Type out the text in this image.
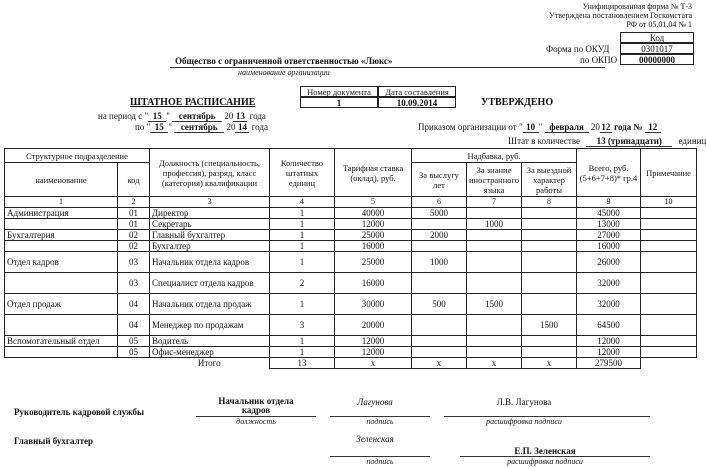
Унифицированная форма № Т-3
Утверждена постановлением Госкомстата
РФ от 05.01.04 № 1
Код
0301017
00000000
Форма по ОКУД
по ОКПО
Общество с ограниченной ответственностью «Люкс»
наименование организации
Номер документа	Дата составления
1	10.09.2014
ШТАТНОЕ РАСПИСАНИЕ	УТВЕРЖДЕНО
на период с " 15 " сентябрь 20 13 года
по " 15 " сентябрь 20 14 года	Приказом организации от " 10 " февраля 20 12 года № 12
Штат в количестве 13 (тринадцати) единиц
Структурное подразделение		Должность (специальность, профессия), разряд, класс (категория) квалификации	Количество штатных единиц	Тарифная ставка (оклад), руб.	Надбавка, руб.			Всего, руб. (5+6+7+8)* гр.4	Примечание
наименование	код				За выслугу лет	За знание иностранного языка	За выездной характер работы		
1	2	3	4	5	6	7	8	9	10
Администрация	01	Директор	1	40000	5000			45000	
	01	Секретарь	1	12000		1000		13000	
Бухгалтерия	02	Главный бухгалтер	1	25000	2000			27000	
	02	Бухгалтер	1	16000				16000	
Отдел кадров	03	Начальник отдела кадров	1	25000	1000			26000	
	03	Специалист отдела кадров	2	16000				32000	
Отдел продаж	04	Начальник отдела продаж	1	30000	500	1500		32000	
	04	Менеджер по продажам	3	20000			1500	64500	
Вспомогательный отдел	05	Водитель	1	12000				12000	
	05	Офис-менеджер	1	12000				12000	
		Итого	13	x	x	x	x	279500	
Руководитель кадровой службы
Начальник отдела кадров
должность
Лагунова
подпись
Л.В. Лагунова
расшифровка подписи
Главный бухгалтер	Зеленская
подпись
Е.П. Зеленская
расшифровка подписи
